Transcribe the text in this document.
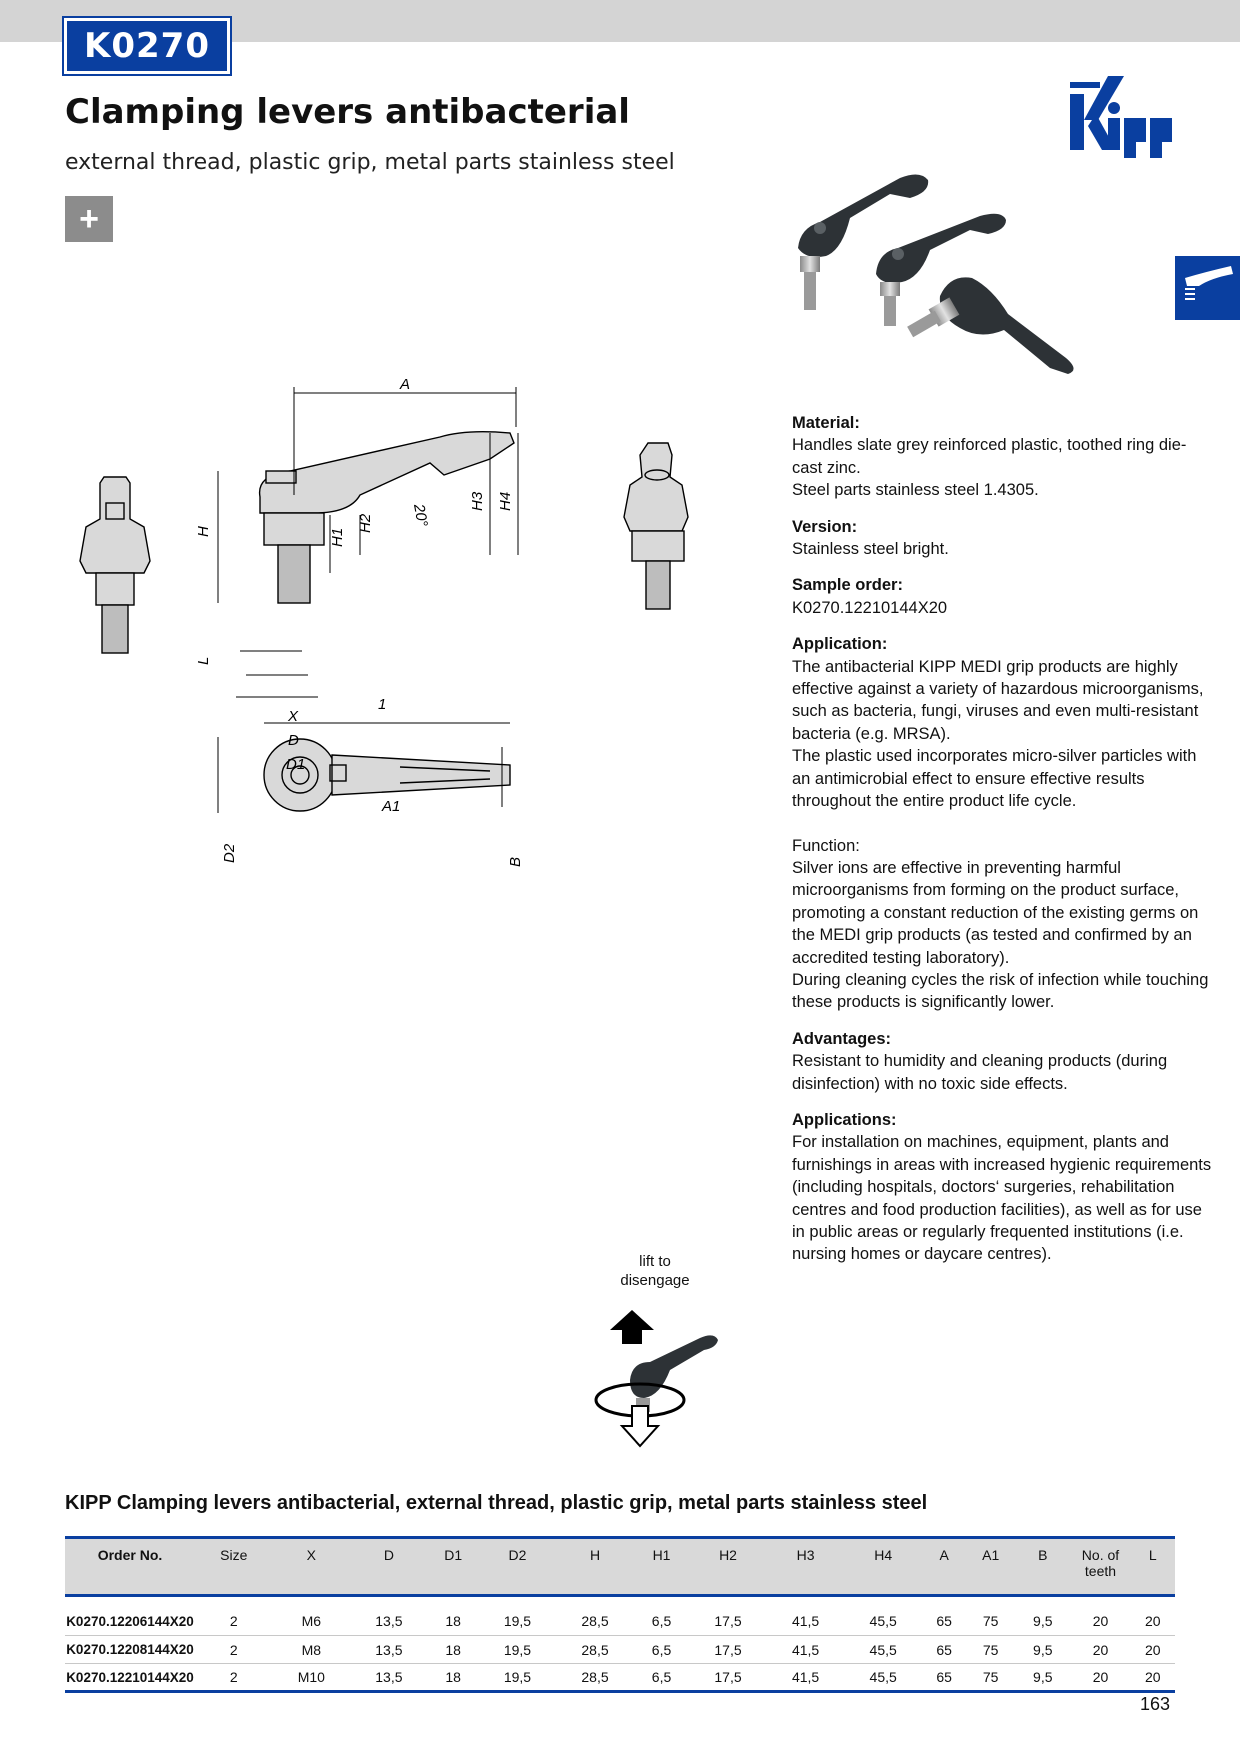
K0270
Clamping levers antibacterial
external thread, plastic grip, metal parts stainless steel
+
A
H	H1
H2
H3 H4
20°
L
1
X
D
D1
A1
D2	B

Material:

Handles slate grey reinforced plastic, toothed ring die-cast zinc.

Steel parts stainless steel 1.4305.

Version:

Stainless steel bright.

Sample order:

K0270.12210144X20

Application:

The antibacterial KIPP MEDI grip products are highly effective against a variety of hazardous microorganisms, such as bacteria, fungi, viruses and even multi-resistant bacteria (e.g. MRSA).

The plastic used incorporates micro-silver particles with an antimicrobial effect to ensure effective results throughout the entire product life cycle.

Function:

Silver ions are effective in preventing harmful microorganisms from forming on the product surface, promoting a constant reduction of the existing germs on the MEDI grip products (as tested and confirmed by an accredited testing laboratory).

During cleaning cycles the risk of infection while touching these products is significantly lower.

Advantages:

Resistant to humidity and cleaning products (during disinfection) with no toxic side effects.

Applications:

For installation on machines, equipment, plants and furnishings in areas with increased hygienic requirements (including hospitals, doctors‘ surgeries, rehabilitation centres and food production facilities), as well as for use in public areas or regularly frequented institutions (i.e. nursing homes or daycare centres).

lift to
disengage
KIPP Clamping levers antibacterial, external thread, plastic grip, metal parts stainless steel
Order No.	Size	X	D	D1	D2	H	H1	H2	H3	H4	A	A1	B	No. of teeth	L

K0270.12206144X20	2	M6	13,5	18	19,5	28,5	6,5	17,5	41,5	45,5	65	75	9,5	20	20
K0270.12208144X20	2	M8	13,5	18	19,5	28,5	6,5	17,5	41,5	45,5	65	75	9,5	20	20
K0270.12210144X20	2	M10	13,5	18	19,5	28,5	6,5	17,5	41,5	45,5	65	75	9,5	20	20
163
